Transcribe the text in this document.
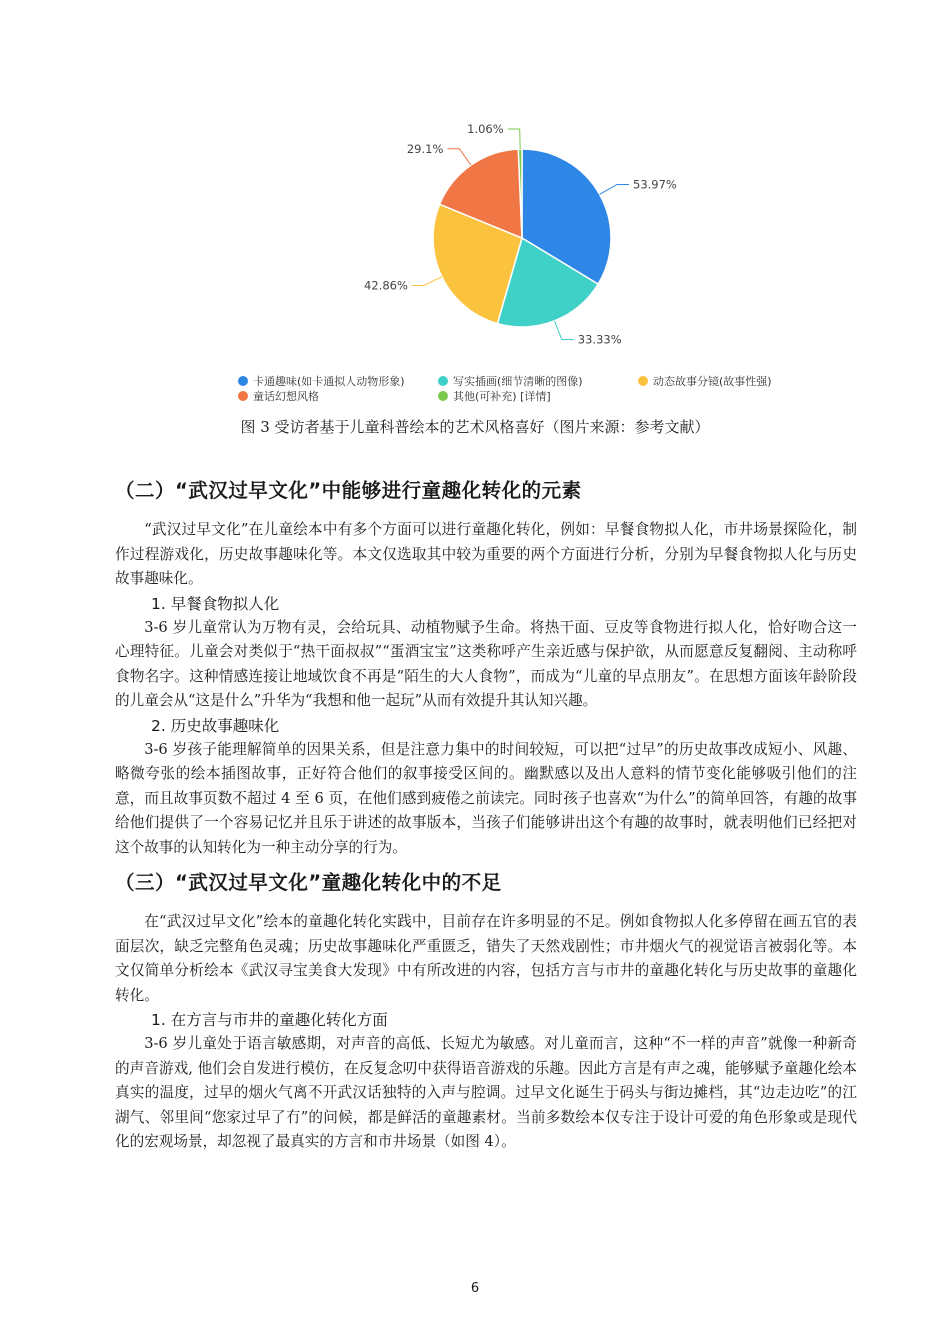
53.97%
33.33%
42.86%
29.1%
1.06%
卡通趣味(如卡通拟人动物形象)	写实插画(细节清晰的图像)	动态故事分镜(故事性强)
童话幻想风格	其他(可补充) [详情]
图 3 受访者基于儿童科普绘本的艺术风格喜好（图片来源：参考文献）
（二）“武汉过早文化”中能够进行童趣化转化的元素

“武汉过早文化”在儿童绘本中有多个方面可以进行童趣化转化，例如：早餐食物拟人化，市井场景探险化，制作过程游戏化，历史故事趣味化等。本文仅选取其中较为重要的两个方面进行分析，分别为早餐食物拟人化与历史故事趣味化。

1. 早餐食物拟人化

3-6 岁儿童常认为万物有灵，会给玩具、动植物赋予生命。将热干面、豆皮等食物进行拟人化，恰好吻合这一心理特征。儿童会对类似于“热干面叔叔”“蛋酒宝宝”这类称呼产生亲近感与保护欲，从而愿意反复翻阅、主动称呼食物名字。这种情感连接让地域饮食不再是“陌生的大人食物”，而成为“儿童的早点朋友”。在思想方面该年龄阶段的儿童会从“这是什么”升华为“我想和他一起玩”从而有效提升其认知兴趣。

2. 历史故事趣味化

3-6 岁孩子能理解简单的因果关系，但是注意力集中的时间较短，可以把“过早”的历史故事改成短小、风趣、略微夸张的绘本插图故事，正好符合他们的叙事接受区间的。幽默感以及出人意料的情节变化能够吸引他们的注意，而且故事页数不超过 4 至 6 页，在他们感到疲倦之前读完。同时孩子也喜欢“为什么”的简单回答，有趣的故事给他们提供了一个容易记忆并且乐于讲述的故事版本，当孩子们能够讲出这个有趣的故事时，就表明他们已经把对这个故事的认知转化为一种主动分享的行为。

（三）“武汉过早文化”童趣化转化中的不足

在“武汉过早文化”绘本的童趣化转化实践中，目前存在许多明显的不足。例如食物拟人化多停留在画五官的表面层次，缺乏完整角色灵魂；历史故事趣味化严重匮乏，错失了天然戏剧性；市井烟火气的视觉语言被弱化等。本文仅简单分析绘本《武汉寻宝美食大发现》中有所改进的内容，包括方言与市井的童趣化转化与历史故事的童趣化转化。

1. 在方言与市井的童趣化转化方面

3-6 岁儿童处于语言敏感期，对声音的高低、长短尤为敏感。对儿童而言，这种“不一样的声音”就像一种新奇的声音游戏, 他们会自发进行模仿，在反复念叨中获得语音游戏的乐趣。因此方言是有声之魂，能够赋予童趣化绘本真实的温度，过早的烟火气离不开武汉话独特的入声与腔调。过早文化诞生于码头与街边摊档，其“边走边吃”的江湖气、邻里间“您家过早了冇”的问候，都是鲜活的童趣素材。当前多数绘本仅专注于设计可爱的角色形象或是现代化的宏观场景，却忽视了最真实的方言和市井场景（如图 4）。

6
